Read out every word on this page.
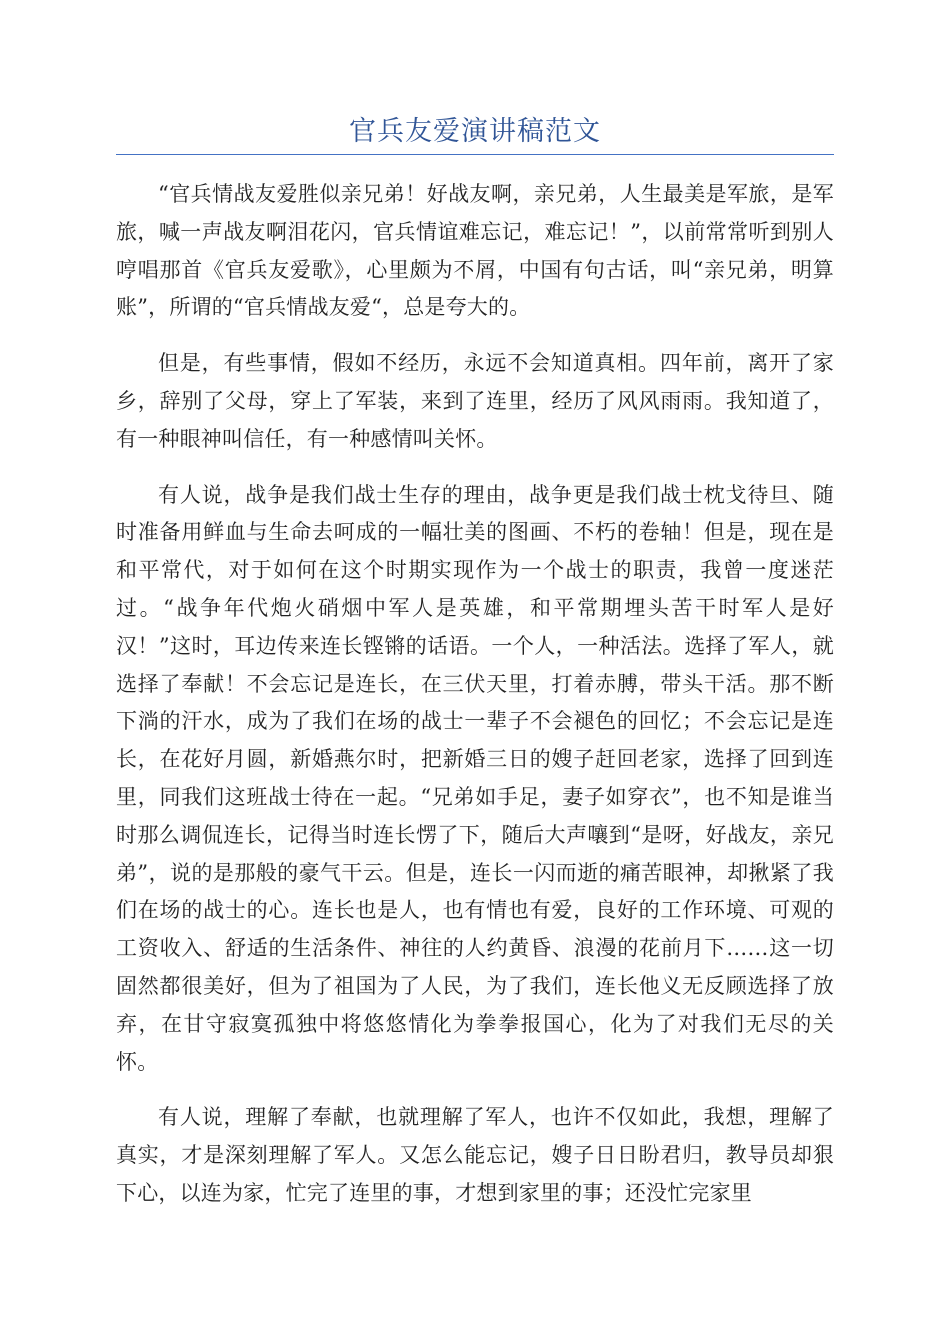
官兵友爱演讲稿范文

“官兵情战友爱胜似亲兄弟！好战友啊，亲兄弟，人生最美是军旅，是军旅，喊一声战友啊泪花闪，官兵情谊难忘记，难忘记！”，以前常常听到别人哼唱那首《官兵友爱歌》，心里颇为不屑，中国有句古话，叫“亲兄弟，明算账”，所谓的“官兵情战友爱“，总是夸大的。

但是，有些事情，假如不经历，永远不会知道真相。四年前，离开了家乡，辞别了父母，穿上了军装，来到了连里，经历了风风雨雨。我知道了，有一种眼神叫信任，有一种感情叫关怀。

有人说，战争是我们战士生存的理由，战争更是我们战士枕戈待旦、随时准备用鲜血与生命去呵成的一幅壮美的图画、不朽的卷轴！但是，现在是和平常代，对于如何在这个时期实现作为一个战士的职责，我曾一度迷茫过。“战争年代炮火硝烟中军人是英雄，和平常期埋头苦干时军人是好汉！”这时，耳边传来连长铿锵的话语。一个人，一种活法。选择了军人，就选择了奉献！不会忘记是连长，在三伏天里，打着赤膊，带头干活。那不断下淌的汗水，成为了我们在场的战士一辈子不会褪色的回忆；不会忘记是连长，在花好月圆，新婚燕尔时，把新婚三日的嫂子赶回老家，选择了回到连里，同我们这班战士待在一起。“兄弟如手足，妻子如穿衣”，也不知是谁当时那么调侃连长，记得当时连长愣了下，随后大声嚷到“是呀，好战友，亲兄弟”，说的是那般的豪气干云。但是，连长一闪而逝的痛苦眼神，却揪紧了我们在场的战士的心。连长也是人，也有情也有爱，良好的工作环境、可观的工资收入、舒适的生活条件、神往的人约黄昏、浪漫的花前月下……这一切固然都很美好，但为了祖国为了人民，为了我们，连长他义无反顾选择了放弃，在甘守寂寞孤独中将悠悠情化为拳拳报国心，化为了对我们无尽的关怀。

有人说，理解了奉献，也就理解了军人，也许不仅如此，我想，理解了真实，才是深刻理解了军人。又怎么能忘记，嫂子日日盼君归，教导员却狠下心，以连为家，忙完了连里的事，才想到家里的事；还没忙完家里
